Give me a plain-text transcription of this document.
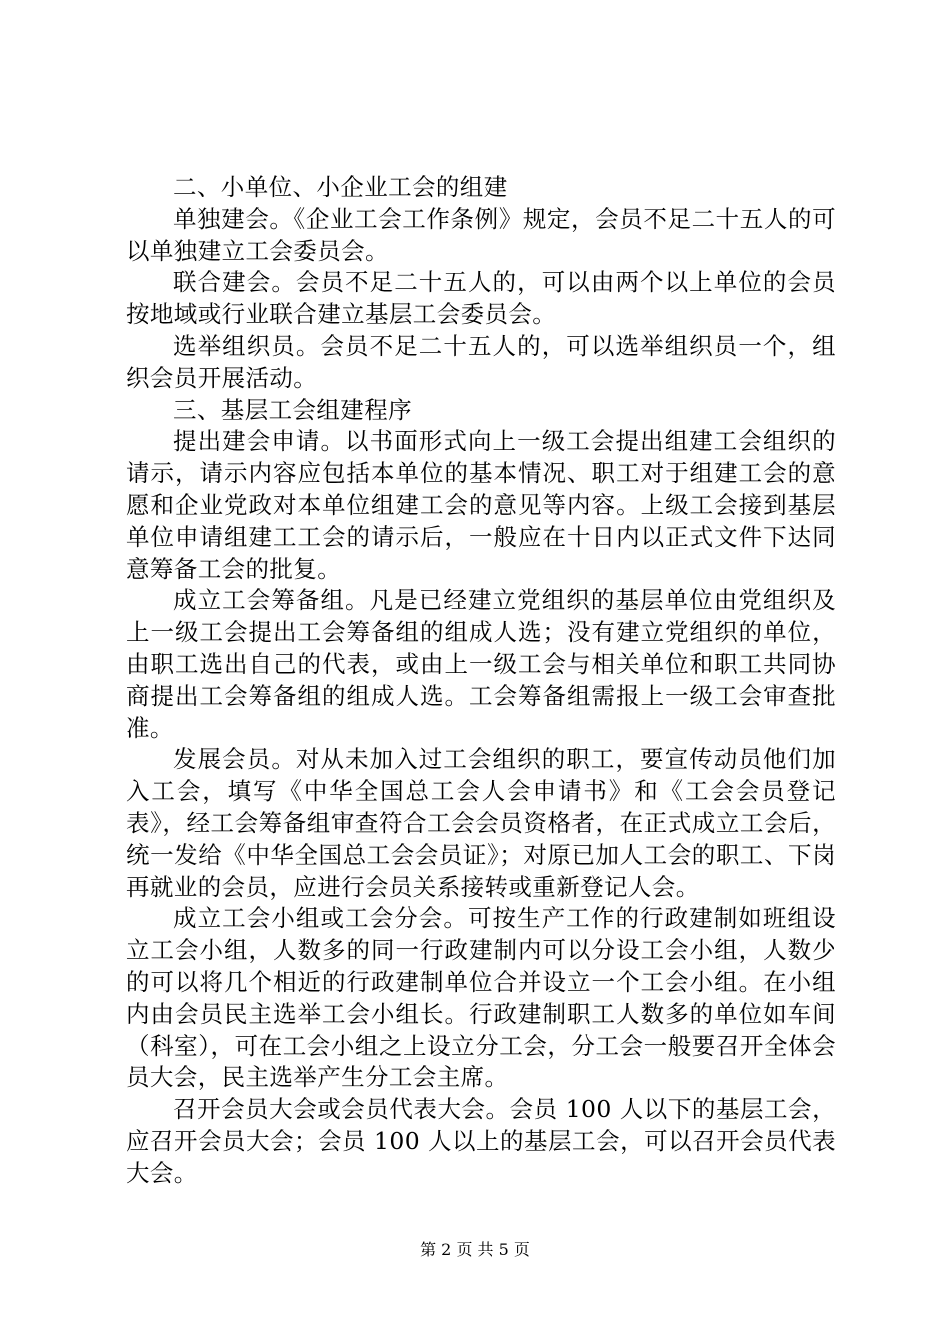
二、小单位、小企业工会的组建

单独建会。《企业工会工作条例》规定，会员不足二十五人的可以单独建立工会委员会。

联合建会。会员不足二十五人的，可以由两个以上单位的会员按地域或行业联合建立基层工会委员会。

选举组织员。会员不足二十五人的，可以选举组织员一个，组织会员开展活动。

三、基层工会组建程序

提出建会申请。以书面形式向上一级工会提出组建工会组织的请示，请示内容应包括本单位的基本情况、职工对于组建工会的意愿和企业党政对本单位组建工会的意见等内容。上级工会接到基层单位申请组建工工会的请示后，一般应在十日内以正式文件下达同意筹备工会的批复。

成立工会筹备组。凡是已经建立党组织的基层单位由党组织及上一级工会提出工会筹备组的组成人选；没有建立党组织的单位，由职工选出自己的代表，或由上一级工会与相关单位和职工共同协商提出工会筹备组的组成人选。工会筹备组需报上一级工会审查批准。

发展会员。对从未加入过工会组织的职工，要宣传动员他们加入工会，填写《中华全国总工会人会申请书》和《工会会员登记表》，经工会筹备组审查符合工会会员资格者，在正式成立工会后，统一发给《中华全国总工会会员证》；对原已加人工会的职工、下岗再就业的会员，应进行会员关系接转或重新登记人会。

成立工会小组或工会分会。可按生产工作的行政建制如班组设立工会小组，人数多的同一行政建制内可以分设工会小组，人数少的可以将几个相近的行政建制单位合并设立一个工会小组。在小组内由会员民主选举工会小组长。行政建制职工人数多的单位如车间（科室），可在工会小组之上设立分工会，分工会一般要召开全体会员大会，民主选举产生分工会主席。

召开会员大会或会员代表大会。会员 100 人以下的基层工会，应召开会员大会；会员 100 人以上的基层工会，可以召开会员代表大会。

第 2 页 共 5 页
